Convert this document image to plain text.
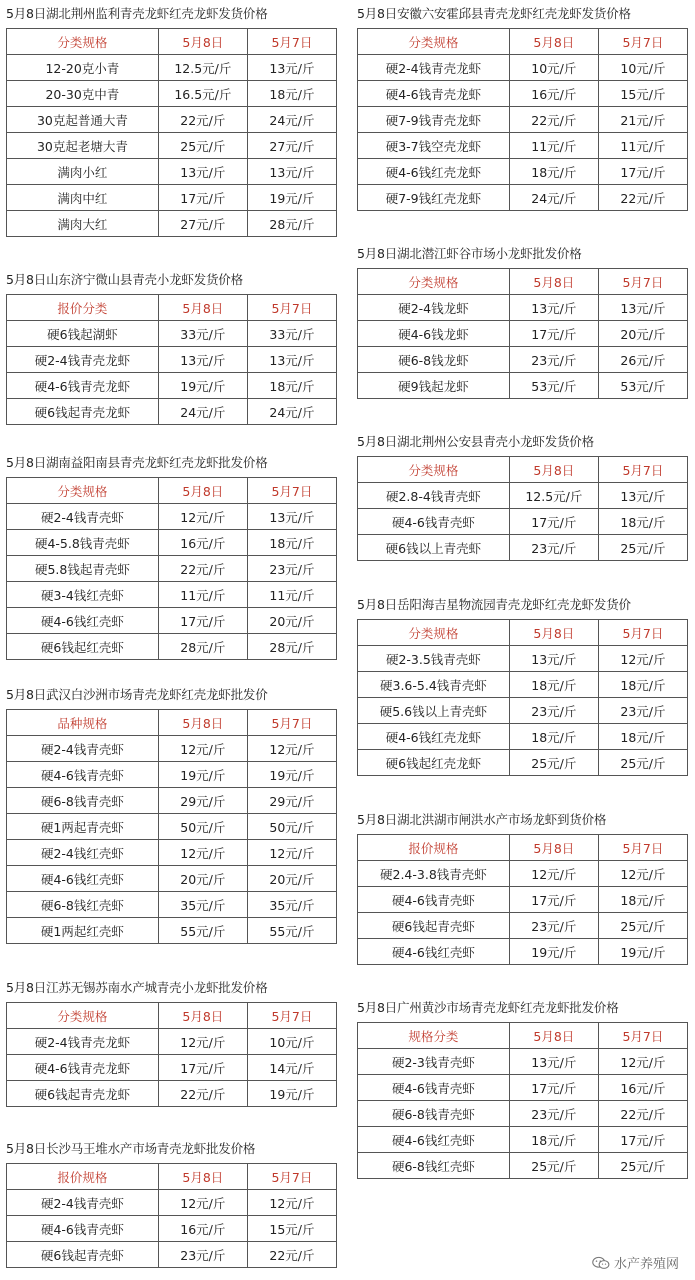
5月8日湖北荆州监利青壳龙虾红壳龙虾发货价格
分类规格	5月8日	5月7日
12-20克小青	12.5元/斤	13元/斤
20-30克中青	16.5元/斤	18元/斤
30克起普通大青	22元/斤	24元/斤
30克起老塘大青	25元/斤	27元/斤
满肉小红	13元/斤	13元/斤
满肉中红	17元/斤	19元/斤
满肉大红	27元/斤	28元/斤
5月8日山东济宁微山县青壳小龙虾发货价格
报价分类	5月8日	5月7日
硬6钱起湖虾	33元/斤	33元/斤
硬2-4钱青壳龙虾	13元/斤	13元/斤
硬4-6钱青壳龙虾	19元/斤	18元/斤
硬6钱起青壳龙虾	24元/斤	24元/斤
5月8日湖南益阳南县青壳龙虾红壳龙虾批发价格
分类规格	5月8日	5月7日
硬2-4钱青壳虾	12元/斤	13元/斤
硬4-5.8钱青壳虾	16元/斤	18元/斤
硬5.8钱起青壳虾	22元/斤	23元/斤
硬3-4钱红壳虾	11元/斤	11元/斤
硬4-6钱红壳虾	17元/斤	20元/斤
硬6钱起红壳虾	28元/斤	28元/斤
5月8日武汉白沙洲市场青壳龙虾红壳龙虾批发价
品种规格	5月8日	5月7日
硬2-4钱青壳虾	12元/斤	12元/斤
硬4-6钱青壳虾	19元/斤	19元/斤
硬6-8钱青壳虾	29元/斤	29元/斤
硬1两起青壳虾	50元/斤	50元/斤
硬2-4钱红壳虾	12元/斤	12元/斤
硬4-6钱红壳虾	20元/斤	20元/斤
硬6-8钱红壳虾	35元/斤	35元/斤
硬1两起红壳虾	55元/斤	55元/斤
5月8日江苏无锡苏南水产城青壳小龙虾批发价格
分类规格	5月8日	5月7日
硬2-4钱青壳龙虾	12元/斤	10元/斤
硬4-6钱青壳龙虾	17元/斤	14元/斤
硬6钱起青壳龙虾	22元/斤	19元/斤
5月8日长沙马王堆水产市场青壳龙虾批发价格
报价规格	5月8日	5月7日
硬2-4钱青壳虾	12元/斤	12元/斤
硬4-6钱青壳虾	16元/斤	15元/斤
硬6钱起青壳虾	23元/斤	22元/斤
5月8日安徽六安霍邱县青壳龙虾红壳龙虾发货价格
分类规格	5月8日	5月7日
硬2-4钱青壳龙虾	10元/斤	10元/斤
硬4-6钱青壳龙虾	16元/斤	15元/斤
硬7-9钱青壳龙虾	22元/斤	21元/斤
硬3-7钱空壳龙虾	11元/斤	11元/斤
硬4-6钱红壳龙虾	18元/斤	17元/斤
硬7-9钱红壳龙虾	24元/斤	22元/斤
5月8日湖北潜江虾谷市场小龙虾批发价格
分类规格	5月8日	5月7日
硬2-4钱龙虾	13元/斤	13元/斤
硬4-6钱龙虾	17元/斤	20元/斤
硬6-8钱龙虾	23元/斤	26元/斤
硬9钱起龙虾	53元/斤	53元/斤
5月8日湖北荆州公安县青壳小龙虾发货价格
分类规格	5月8日	5月7日
硬2.8-4钱青壳虾	12.5元/斤	13元/斤
硬4-6钱青壳虾	17元/斤	18元/斤
硬6钱以上青壳虾	23元/斤	25元/斤
5月8日岳阳海吉星物流园青壳龙虾红壳龙虾发货价
分类规格	5月8日	5月7日
硬2-3.5钱青壳虾	13元/斤	12元/斤
硬3.6-5.4钱青壳虾	18元/斤	18元/斤
硬5.6钱以上青壳虾	23元/斤	23元/斤
硬4-6钱红壳龙虾	18元/斤	18元/斤
硬6钱起红壳龙虾	25元/斤	25元/斤
5月8日湖北洪湖市闸洪水产市场龙虾到货价格
报价规格	5月8日	5月7日
硬2.4-3.8钱青壳虾	12元/斤	12元/斤
硬4-6钱青壳虾	17元/斤	18元/斤
硬6钱起青壳虾	23元/斤	25元/斤
硬4-6钱红壳虾	19元/斤	19元/斤
5月8日广州黄沙市场青壳龙虾红壳龙虾批发价格
规格分类	5月8日	5月7日
硬2-3钱青壳虾	13元/斤	12元/斤
硬4-6钱青壳虾	17元/斤	16元/斤
硬6-8钱青壳虾	23元/斤	22元/斤
硬4-6钱红壳虾	18元/斤	17元/斤
硬6-8钱红壳虾	25元/斤	25元/斤
水产养殖网
